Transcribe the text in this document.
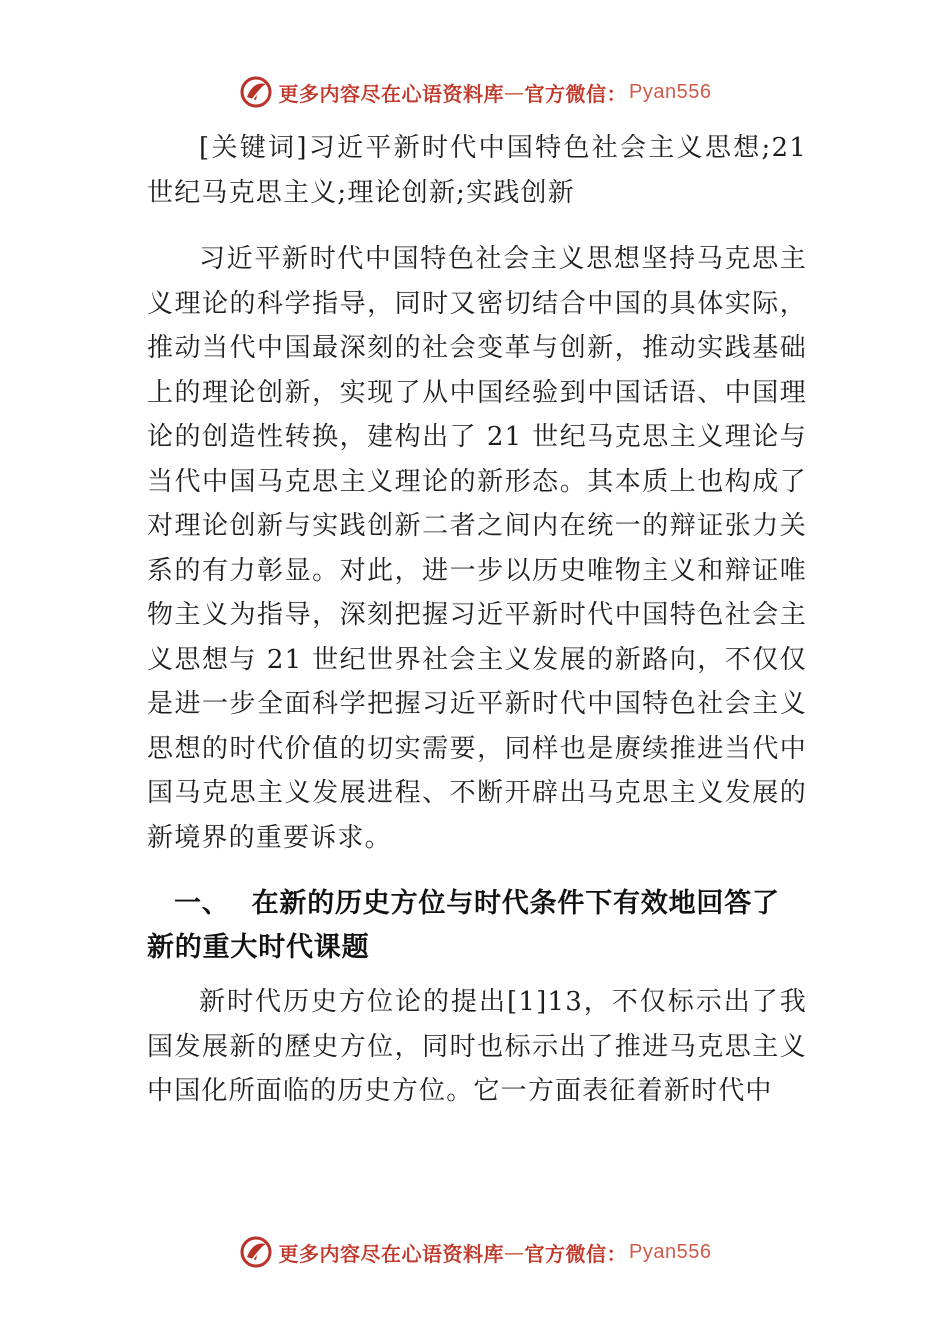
更多内容尽在心语资料库 — 官方微信： Pyan556

[关键词]习近平新时代中国特色社会主义思想;21世纪马克思主义;理论创新;实践创新

习近平新时代中国特色社会主义思想坚持马克思主义理论的科学指导，同时又密切结合中国的具体实际，推动当代中国最深刻的社会变革与创新，推动实践基础上的理论创新，实现了从中国经验到中国话语、中国理论的创造性转换，建构出了 21 世纪马克思主义理论与当代中国马克思主义理论的新形态。其本质上也构成了对理论创新与实践创新二者之间内在统一的辩证张力关系的有力彰显。对此，进一步以历史唯物主义和辩证唯物主义为指导，深刻把握习近平新时代中国特色社会主义思想与 21 世纪世界社会主义发展的新路向，不仅仅是进一步全面科学把握习近平新时代中国特色社会主义思想的时代价值的切实需要，同样也是赓续推进当代中国马克思主义发展进程、不断开辟出马克思主义发展的新境界的重要诉求。

一、 在新的历史方位与时代条件下有效地回答了新的重大时代课题

新时代历史方位论的提出[1]13，不仅标示出了我国发展新的歷史方位，同时也标示出了推进马克思主义中国化所面临的历史方位。它一方面表征着新时代中

更多内容尽在心语资料库 — 官方微信： Pyan556
